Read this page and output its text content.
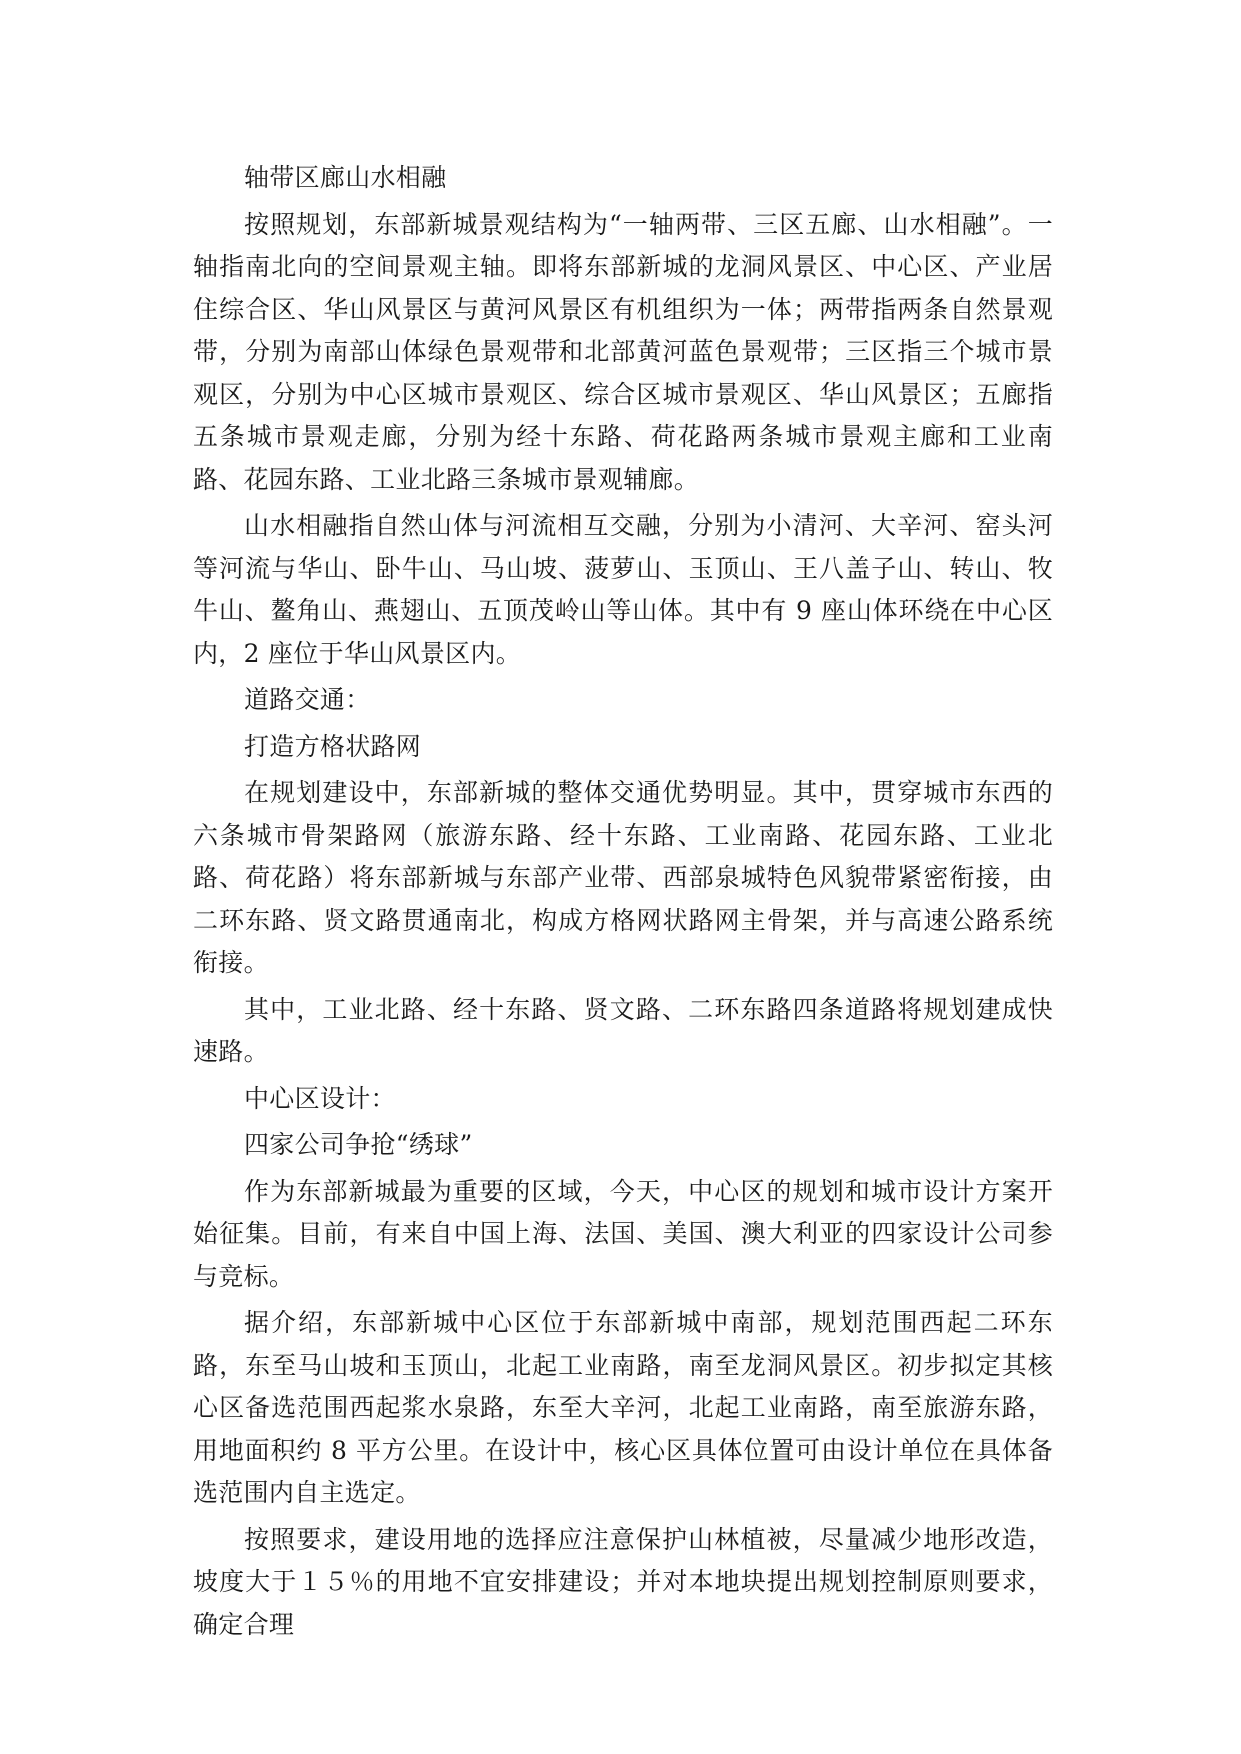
轴带区廊山水相融

按照规划，东部新城景观结构为“一轴两带、三区五廊、山水相融”。一轴指南北向的空间景观主轴。即将东部新城的龙洞风景区、中心区、产业居住综合区、华山风景区与黄河风景区有机组织为一体；两带指两条自然景观带，分别为南部山体绿色景观带和北部黄河蓝色景观带；三区指三个城市景观区，分别为中心区城市景观区、综合区城市景观区、华山风景区；五廊指五条城市景观走廊，分别为经十东路、荷花路两条城市景观主廊和工业南路、花园东路、工业北路三条城市景观辅廊。

山水相融指自然山体与河流相互交融，分别为小清河、大辛河、窑头河等河流与华山、卧牛山、马山坡、菠萝山、玉顶山、王八盖子山、转山、牧牛山、鳌角山、燕翅山、五顶茂岭山等山体。其中有 9 座山体环绕在中心区内，2 座位于华山风景区内。

道路交通：

打造方格状路网

在规划建设中，东部新城的整体交通优势明显。其中，贯穿城市东西的六条城市骨架路网（旅游东路、经十东路、工业南路、花园东路、工业北路、荷花路）将东部新城与东部产业带、西部泉城特色风貌带紧密衔接，由二环东路、贤文路贯通南北，构成方格网状路网主骨架，并与高速公路系统衔接。

其中，工业北路、经十东路、贤文路、二环东路四条道路将规划建成快速路。

中心区设计：

四家公司争抢“绣球”

作为东部新城最为重要的区域，今天，中心区的规划和城市设计方案开始征集。目前，有来自中国上海、法国、美国、澳大利亚的四家设计公司参与竞标。

据介绍，东部新城中心区位于东部新城中南部，规划范围西起二环东路，东至马山坡和玉顶山，北起工业南路，南至龙洞风景区。初步拟定其核心区备选范围西起浆水泉路，东至大辛河，北起工业南路，南至旅游东路，用地面积约 8 平方公里。在设计中，核心区具体位置可由设计单位在具体备选范围内自主选定。

按照要求，建设用地的选择应注意保护山林植被，尽量减少地形改造，坡度大于１５％的用地不宜安排建设；并对本地块提出规划控制原则要求，确定合理
